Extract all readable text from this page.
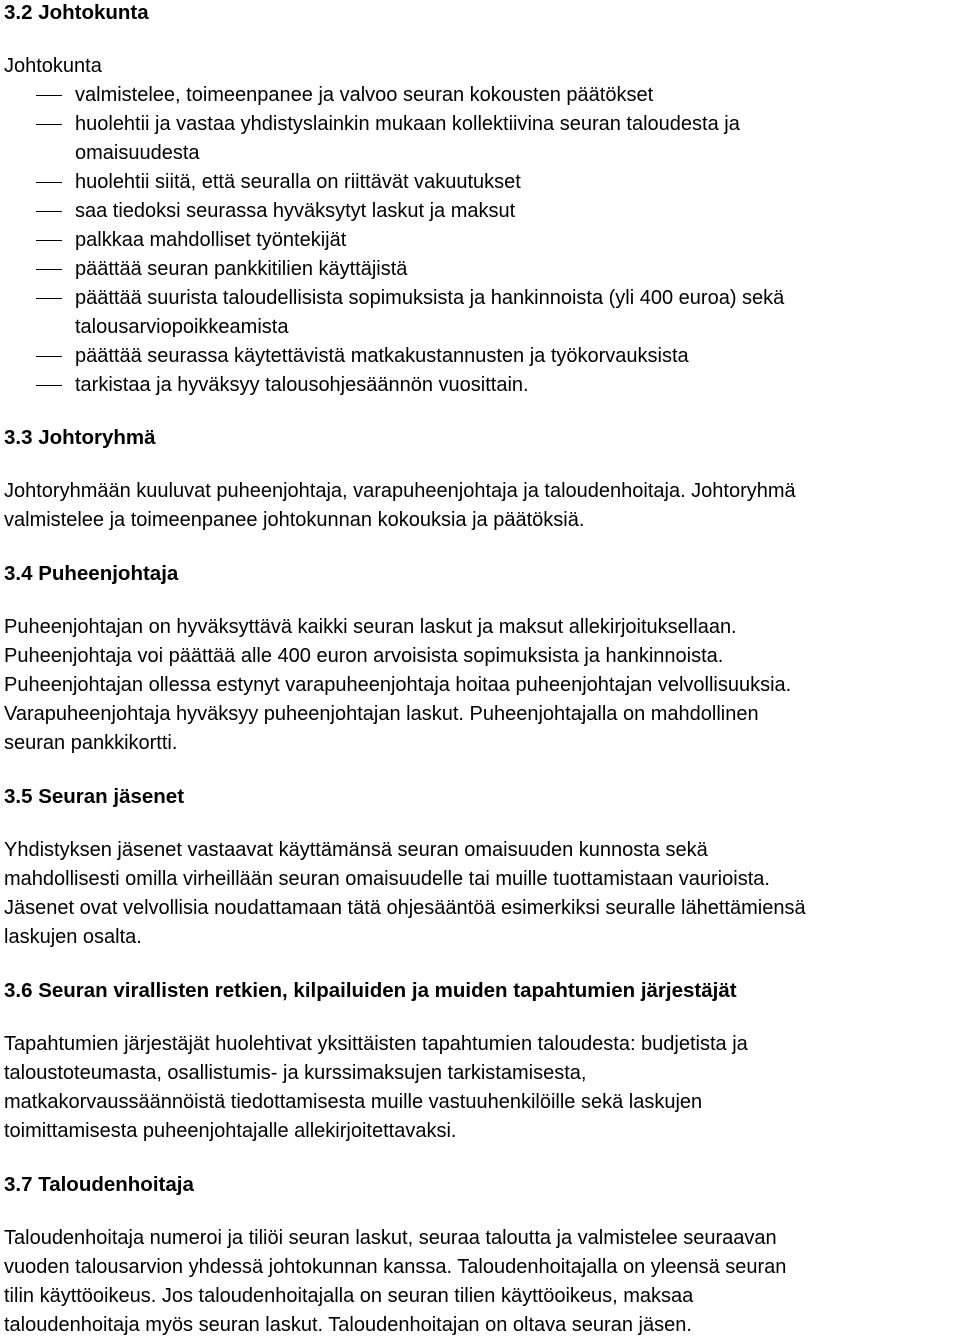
3.2 Johtokunta

Johtokunta

valmistelee, toimeenpanee ja valvoo seuran kokousten päätökset
huolehtii ja vastaa yhdistyslainkin mukaan kollektiivina seuran taloudesta ja
omaisuudesta
huolehtii siitä, että seuralla on riittävät vakuutukset
saa tiedoksi seurassa hyväksytyt laskut ja maksut
palkkaa mahdolliset työntekijät
päättää seuran pankkitilien käyttäjistä
päättää suurista taloudellisista sopimuksista ja hankinnoista (yli 400 euroa) sekä
talousarviopoikkeamista
päättää seurassa käytettävistä matkakustannusten ja työkorvauksista
tarkistaa ja hyväksyy talousohjesäännön vuosittain.
3.3 Johtoryhmä

Johtoryhmään kuuluvat puheenjohtaja, varapuheenjohtaja ja taloudenhoitaja. Johtoryhmä
valmistelee ja toimeenpanee johtokunnan kokouksia ja päätöksiä.

3.4 Puheenjohtaja

Puheenjohtajan on hyväksyttävä kaikki seuran laskut ja maksut allekirjoituksellaan.
Puheenjohtaja voi päättää alle 400 euron arvoisista sopimuksista ja hankinnoista.
Puheenjohtajan ollessa estynyt varapuheenjohtaja hoitaa puheenjohtajan velvollisuuksia.
Varapuheenjohtaja hyväksyy puheenjohtajan laskut. Puheenjohtajalla on mahdollinen
seuran pankkikortti.

3.5 Seuran jäsenet

Yhdistyksen jäsenet vastaavat käyttämänsä seuran omaisuuden kunnosta sekä
mahdollisesti omilla virheillään seuran omaisuudelle tai muille tuottamistaan vaurioista.
Jäsenet ovat velvollisia noudattamaan tätä ohjesääntöä esimerkiksi seuralle lähettämiensä
laskujen osalta.

3.6 Seuran virallisten retkien, kilpailuiden ja muiden tapahtumien järjestäjät

Tapahtumien järjestäjät huolehtivat yksittäisten tapahtumien taloudesta: budjetista ja
taloustoteumasta, osallistumis- ja kurssimaksujen tarkistamisesta,
matkakorvaussäännöistä tiedottamisesta muille vastuuhenkilöille sekä laskujen
toimittamisesta puheenjohtajalle allekirjoitettavaksi.

3.7 Taloudenhoitaja

Taloudenhoitaja numeroi ja tiliöi seuran laskut, seuraa taloutta ja valmistelee seuraavan
vuoden talousarvion yhdessä johtokunnan kanssa. Taloudenhoitajalla on yleensä seuran
tilin käyttöoikeus. Jos taloudenhoitajalla on seuran tilien käyttöoikeus, maksaa
taloudenhoitaja myös seuran laskut. Taloudenhoitajan on oltava seuran jäsen.
